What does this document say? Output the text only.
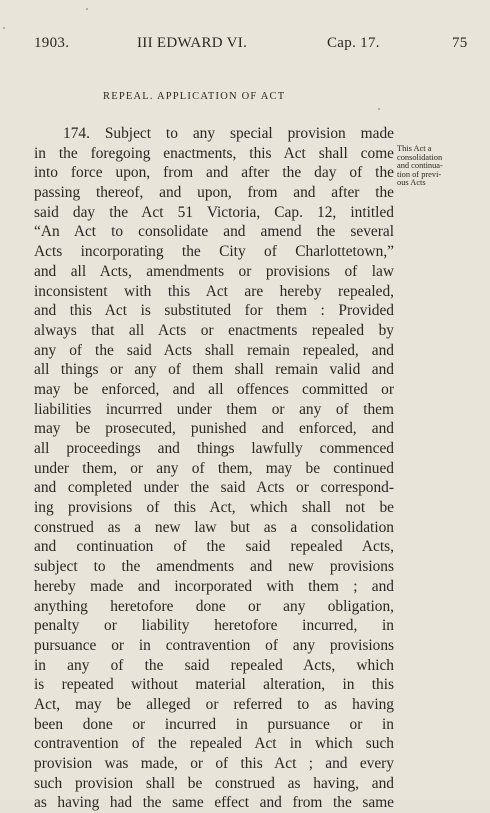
1903.	III EDWARD VI.	Cap. 17.	75
REPEAL. APPLICATION OF ACT
174. Subject to any special provision made
in the foregoing enactments, this Act shall come
into force upon, from and after the day of the
passing thereof, and upon, from and after the
said day the Act 51 Victoria, Cap. 12, intitled
“An Act to consolidate and amend the several
Acts incorporating the City of Charlottetown,”
and all Acts, amendments or provisions of law
inconsistent with this Act are hereby repealed,
and this Act is substituted for them : Provided
always that all Acts or enactments repealed by
any of the said Acts shall remain repealed, and
all things or any of them shall remain valid and
may be enforced, and all offences committed or
liabilities incurrred under them or any of them
may be prosecuted, punished and enforced, and
all proceedings and things lawfully commenced
under them, or any of them, may be continued
and completed under the said Acts or correspond-
ing provisions of this Act, which shall not be
construed as a new law but as a consolidation
and continuation of the said repealed Acts,
subject to the amendments and new provisions
hereby made and incorporated with them ; and
anything heretofore done or any obligation,
penalty or liability heretofore incurred, in
pursuance or in contravention of any provisions
in any of the said repealed Acts, which
is repeated without material alteration, in this
Act, may be alleged or referred to as having
been done or incurred in pursuance or in
contravention of the repealed Act in which such
provision was made, or of this Act ; and every
such provision shall be construed as having, and
as having had the same effect and from the same
This Act a
consolidation
and continua-
tion of previ-
ous Acts
